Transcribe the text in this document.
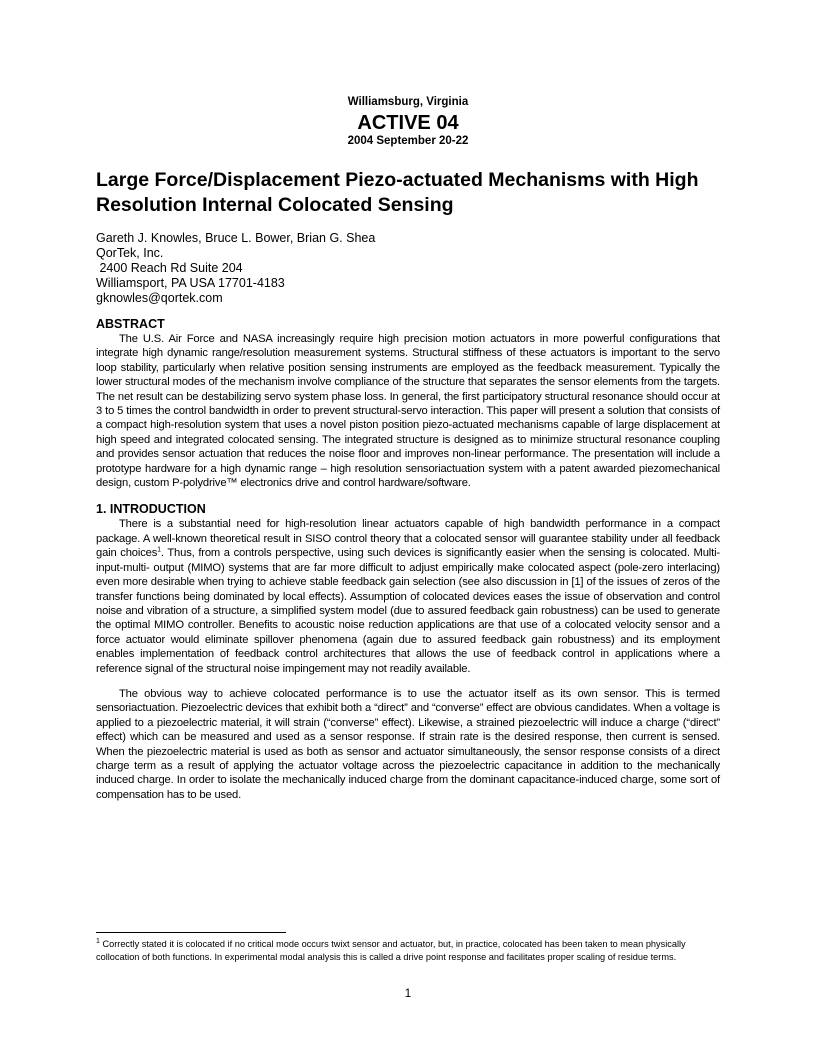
Williamsburg, Virginia
ACTIVE 04
2004 September 20-22
Large Force/Displacement Piezo-actuated Mechanisms with High Resolution Internal Colocated Sensing
Gareth J. Knowles, Bruce L. Bower, Brian G. Shea
QorTek, Inc.
2400 Reach Rd Suite 204
Williamsport, PA USA 17701-4183
gknowles@qortek.com
ABSTRACT
The U.S. Air Force and NASA increasingly require high precision motion actuators in more powerful configurations that integrate high dynamic range/resolution measurement systems. Structural stiffness of these actuators is important to the servo loop stability, particularly when relative position sensing instruments are employed as the feedback measurement. Typically the lower structural modes of the mechanism involve compliance of the structure that separates the sensor elements from the targets. The net result can be destabilizing servo system phase loss. In general, the first participatory structural resonance should occur at 3 to 5 times the control bandwidth in order to prevent structural-servo interaction. This paper will present a solution that consists of a compact high-resolution system that uses a novel piston position piezo-actuated mechanisms capable of large displacement at high speed and integrated colocated sensing. The integrated structure is designed as to minimize structural resonance coupling and provides sensor actuation that reduces the noise floor and improves non-linear performance. The presentation will include a prototype hardware for a high dynamic range – high resolution sensoriactuation system with a patent awarded piezomechanical design, custom P-polydrive™ electronics drive and control hardware/software.
1. INTRODUCTION
There is a substantial need for high-resolution linear actuators capable of high bandwidth performance in a compact package. A well-known theoretical result in SISO control theory that a colocated sensor will guarantee stability under all feedback gain choices$^1$. Thus, from a controls perspective, using such devices is significantly easier when the sensing is colocated. Multi-input-multi- output (MIMO) systems that are far more difficult to adjust empirically make colocated aspect (pole-zero interlacing) even more desirable when trying to achieve stable feedback gain selection (see also discussion in [1] of the issues of zeros of the transfer functions being dominated by local effects). Assumption of colocated devices eases the issue of observation and control noise and vibration of a structure, a simplified system model (due to assured feedback gain robustness) can be used to generate the optimal MIMO controller. Benefits to acoustic noise reduction applications are that use of a colocated velocity sensor and a force actuator would eliminate spillover phenomena (again due to assured feedback gain robustness) and its employment enables implementation of feedback control architectures that allows the use of feedback control in applications where a reference signal of the structural noise impingement may not readily available.
The obvious way to achieve colocated performance is to use the actuator itself as its own sensor. This is termed sensoriactuation. Piezoelectric devices that exhibit both a “direct” and “converse” effect are obvious candidates. When a voltage is applied to a piezoelectric material, it will strain (“converse” effect). Likewise, a strained piezoelectric will induce a charge (“direct” effect) which can be measured and used as a sensor response. If strain rate is the desired response, then current is sensed. When the piezoelectric material is used as both as sensor and actuator simultaneously, the sensor response consists of a direct charge term as a result of applying the actuator voltage across the piezoelectric capacitance in addition to the mechanically induced charge. In order to isolate the mechanically induced charge from the dominant capacitance-induced charge, some sort of compensation has to be used.
$^1$ Correctly stated it is colocated if no critical mode occurs twixt sensor and actuator, but, in practice, colocated has been taken to mean physically collocation of both functions. In experimental modal analysis this is called a drive point response and facilitates proper scaling of residue terms.
1
